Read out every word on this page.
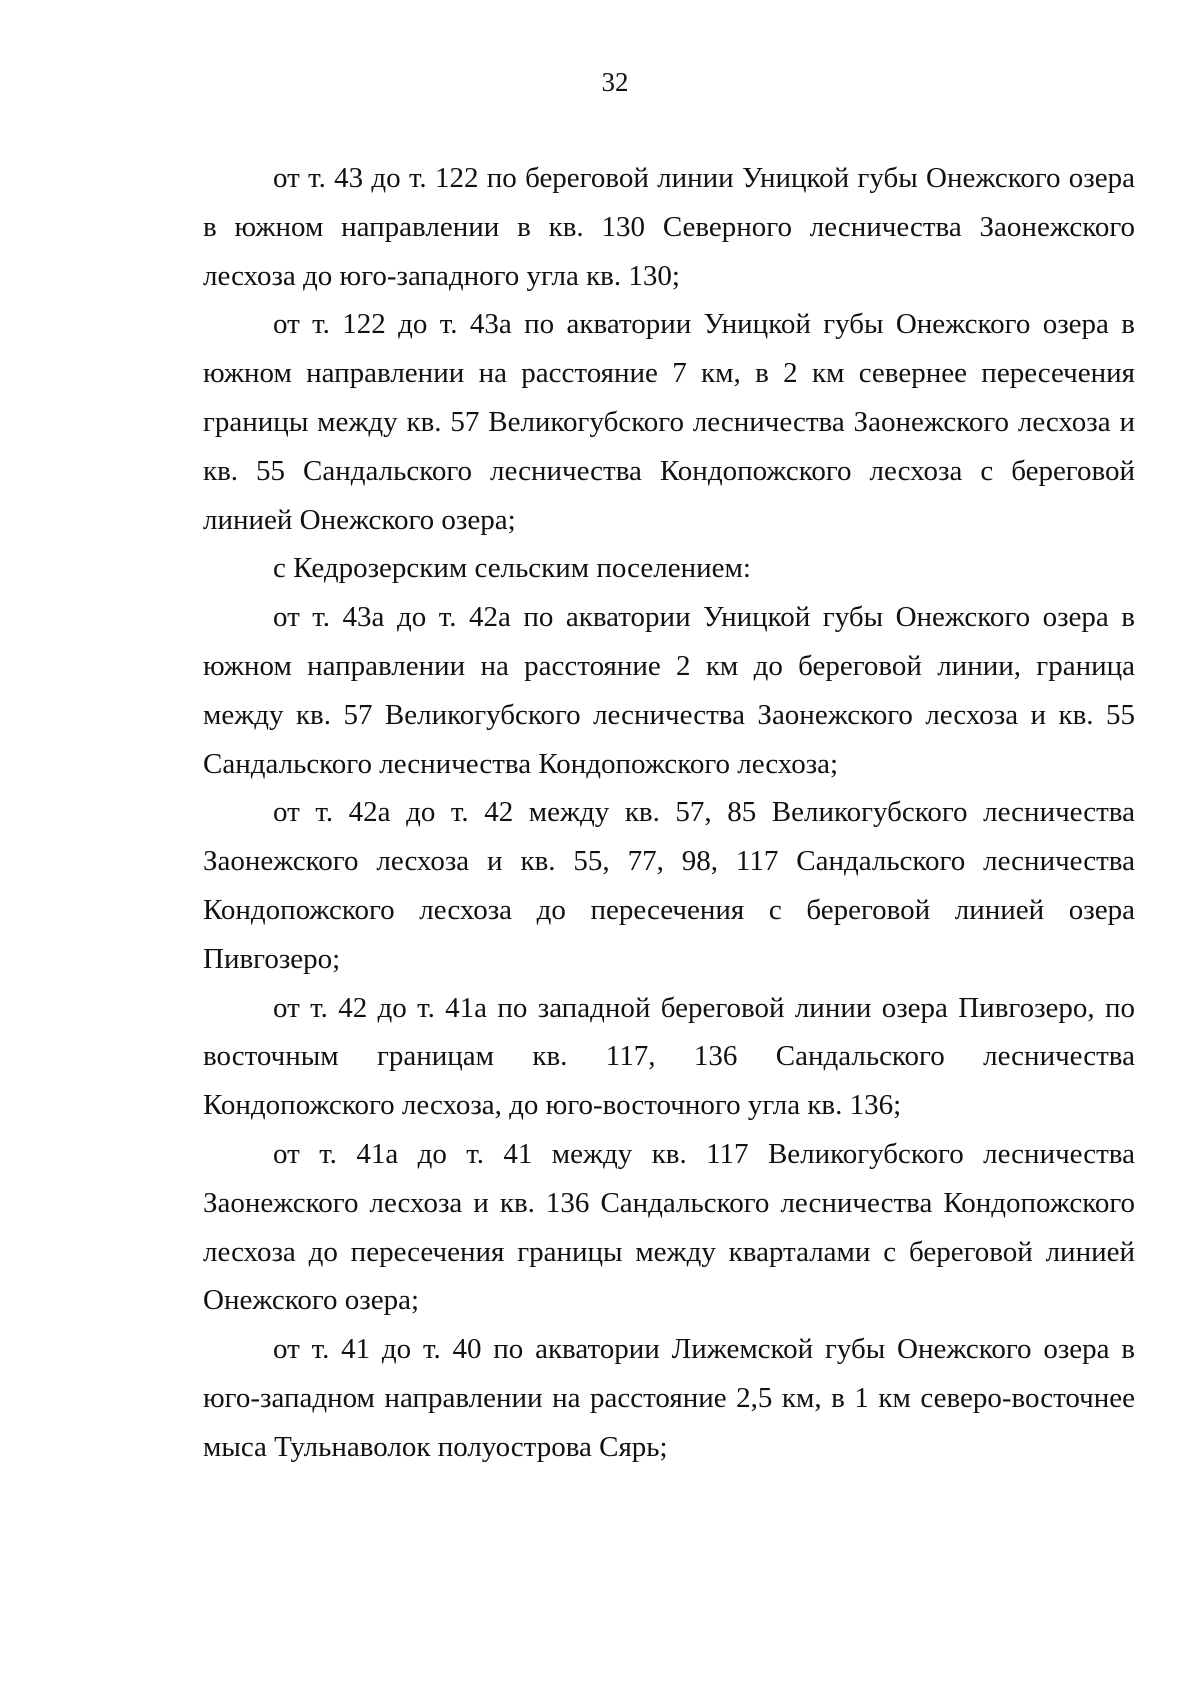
32

от т. 43 до т. 122 по береговой линии Уницкой губы Онежского озера в южном направлении в кв. 130 Северного лесничества Заонежского лесхоза до юго-западного угла кв. 130;

от т. 122 до т. 43а по акватории Уницкой губы Онежского озера в южном направлении на расстояние 7 км, в 2 км севернее пересечения границы между кв. 57 Великогубского лесничества Заонежского лесхоза и кв. 55 Сандальского лесничества Кондопожского лесхоза с береговой линией Онежского озера;

с Кедрозерским сельским поселением:

от т. 43а до т. 42а по акватории Уницкой губы Онежского озера в южном направлении на расстояние 2 км до береговой линии, граница между кв. 57 Великогубского лесничества Заонежского лесхоза и кв. 55 Сандальского лесничества Кондопожского лесхоза;

от т. 42а до т. 42 между кв. 57, 85 Великогубского лесничества Заонежского лесхоза и кв. 55, 77, 98, 117 Сандальского лесничества Кондопожского лесхоза до пересечения с береговой линией озера Пивгозеро;

от т. 42 до т. 41а по западной береговой линии озера Пивгозеро, по восточным границам кв. 117, 136 Сандальского лесничества Кондопожского лесхоза, до юго-восточного угла кв. 136;

от т. 41а до т. 41 между кв. 117 Великогубского лесничества Заонежского лесхоза и кв. 136 Сандальского лесничества Кондопожского лесхоза до пересечения границы между кварталами с береговой линией Онежского озера;

от т. 41 до т. 40 по акватории Лижемской губы Онежского озера в юго-западном направлении на расстояние 2,5 км, в 1 км северо-восточнее мыса Тульнаволок полуострова Сярь;
